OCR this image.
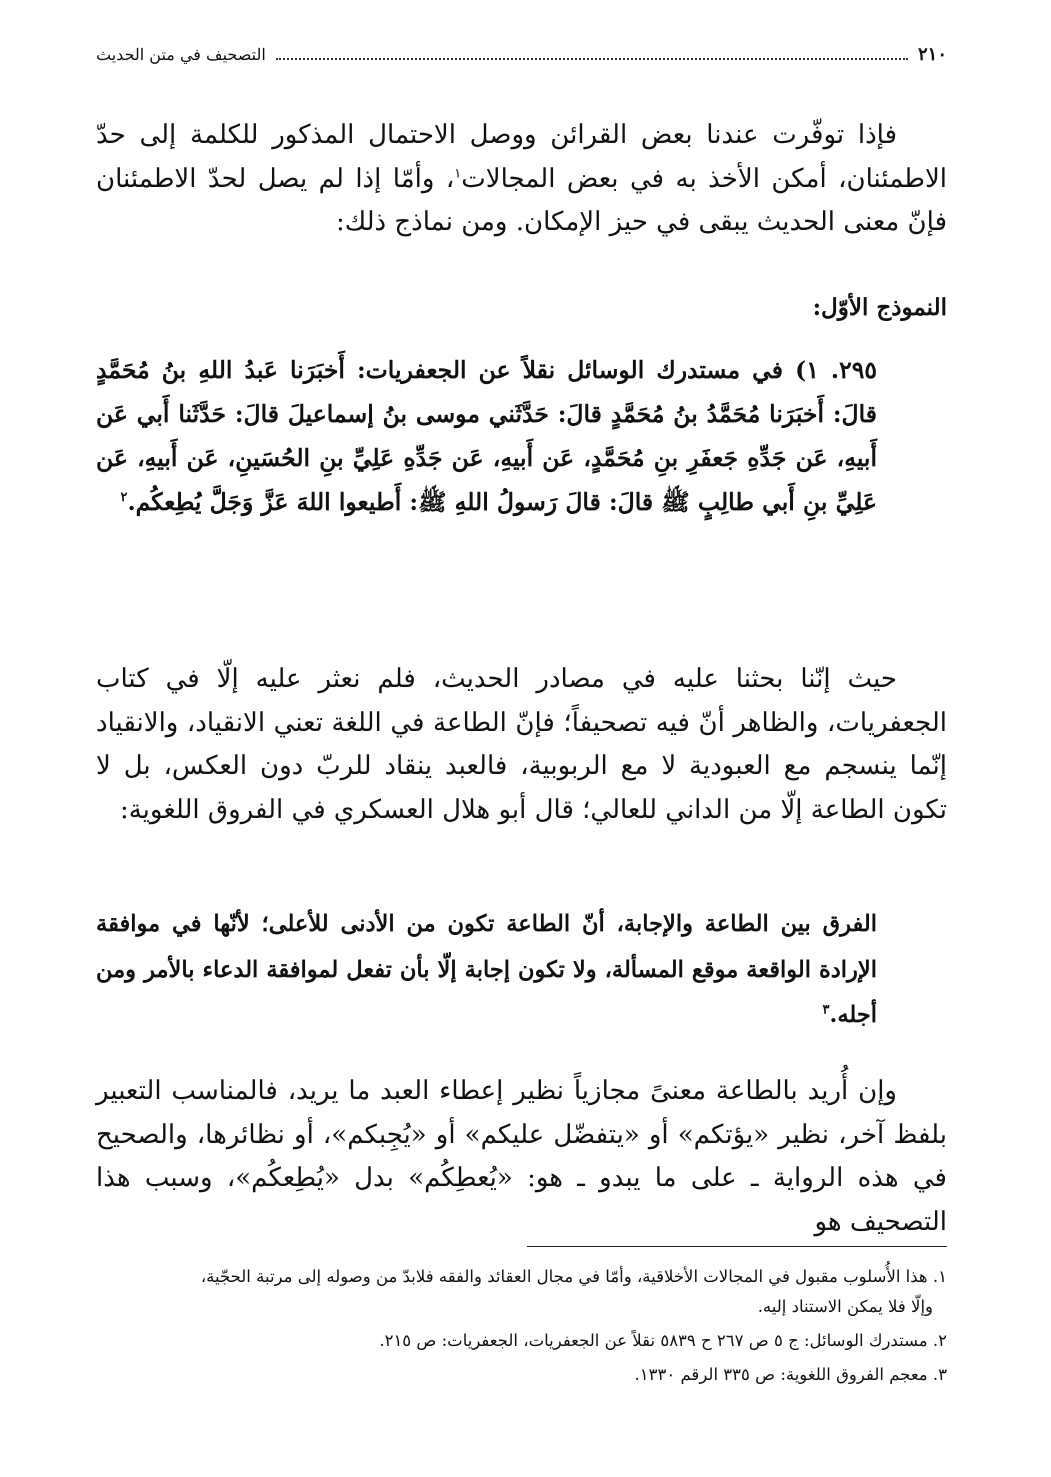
٢١٠
التصحيف في متن الحديث
فإذا توفّرت عندنا بعض القرائن ووصل الاحتمال المذكور للكلمة إلى حدّ الاطمئنان، أمكن الأخذ به في بعض المجالات$^١$، وأمّا إذا لم يصل لحدّ الاطمئنان فإنّ معنى الحديث يبقى في حيز الإمكان. ومن نماذج ذلك:
النموذج الأوّل:
٢٩٥. ١) في مستدرك الوسائل نقلاً عن الجعفريات: أَخبَرَنا عَبدُ اللهِ بنُ مُحَمَّدٍ قالَ: أَخبَرَنا مُحَمَّدُ بنُ مُحَمَّدٍ قالَ: حَدَّثَني موسى بنُ إسماعيلَ قالَ: حَدَّثَنا أَبي عَن أَبيهِ، عَن جَدِّهِ جَعفَرِ بنِ مُحَمَّدٍ، عَن أَبيهِ، عَن جَدِّهِ عَلِيِّ بنِ الحُسَينِ، عَن أَبيهِ، عَن عَلِيِّ بنِ أَبي طالِبٍ ﷺ قالَ: قالَ رَسولُ اللهِ ﷺ: أَطيعوا اللهَ عَزَّ وَجَلَّ يُطِعكُم.$^٢$
حيث إنّنا بحثنا عليه في مصادر الحديث، فلم نعثر عليه إلّا في كتاب الجعفريات، والظاهر أنّ فيه تصحيفاً؛ فإنّ الطاعة في اللغة تعني الانقياد، والانقياد إنّما ينسجم مع العبودية لا مع الربوبية، فالعبد ينقاد للربّ دون العكس، بل لا تكون الطاعة إلّا من الداني للعالي؛ قال أبو هلال العسكري في الفروق اللغوية:
الفرق بين الطاعة والإجابة، أنّ الطاعة تكون من الأدنى للأعلى؛ لأنّها في موافقة الإرادة الواقعة موقع المسألة، ولا تكون إجابة إلّا بأن تفعل لموافقة الدعاء بالأمر ومن أجله.$^٣$
وإن أُريد بالطاعة معنىً مجازياً نظير إعطاء العبد ما يريد، فالمناسب التعبير بلفظ آخر، نظير «يؤتكم» أو «يتفضّل عليكم» أو «يُجِبكم»، أو نظائرها، والصحيح في هذه الرواية ـ على ما يبدو ـ هو: «يُعطِكُم» بدل «يُطِعكُم»، وسبب هذا التصحيف هو
١. هذا الأُسلوب مقبول في المجالات الأخلاقية، وأمّا في مجال العقائد والفقه فلابدّ من وصوله إلى مرتبة الحجّية،
وإلّا فلا يمكن الاستناد إليه.
٢. مستدرك الوسائل: ج ٥ ص ٢٦٧ ح ٥٨٣٩ نقلاً عن الجعفريات، الجعفريات: ص ٢١٥.
٣. معجم الفروق اللغوية: ص ٣٣٥ الرقم ١٣٣٠.
